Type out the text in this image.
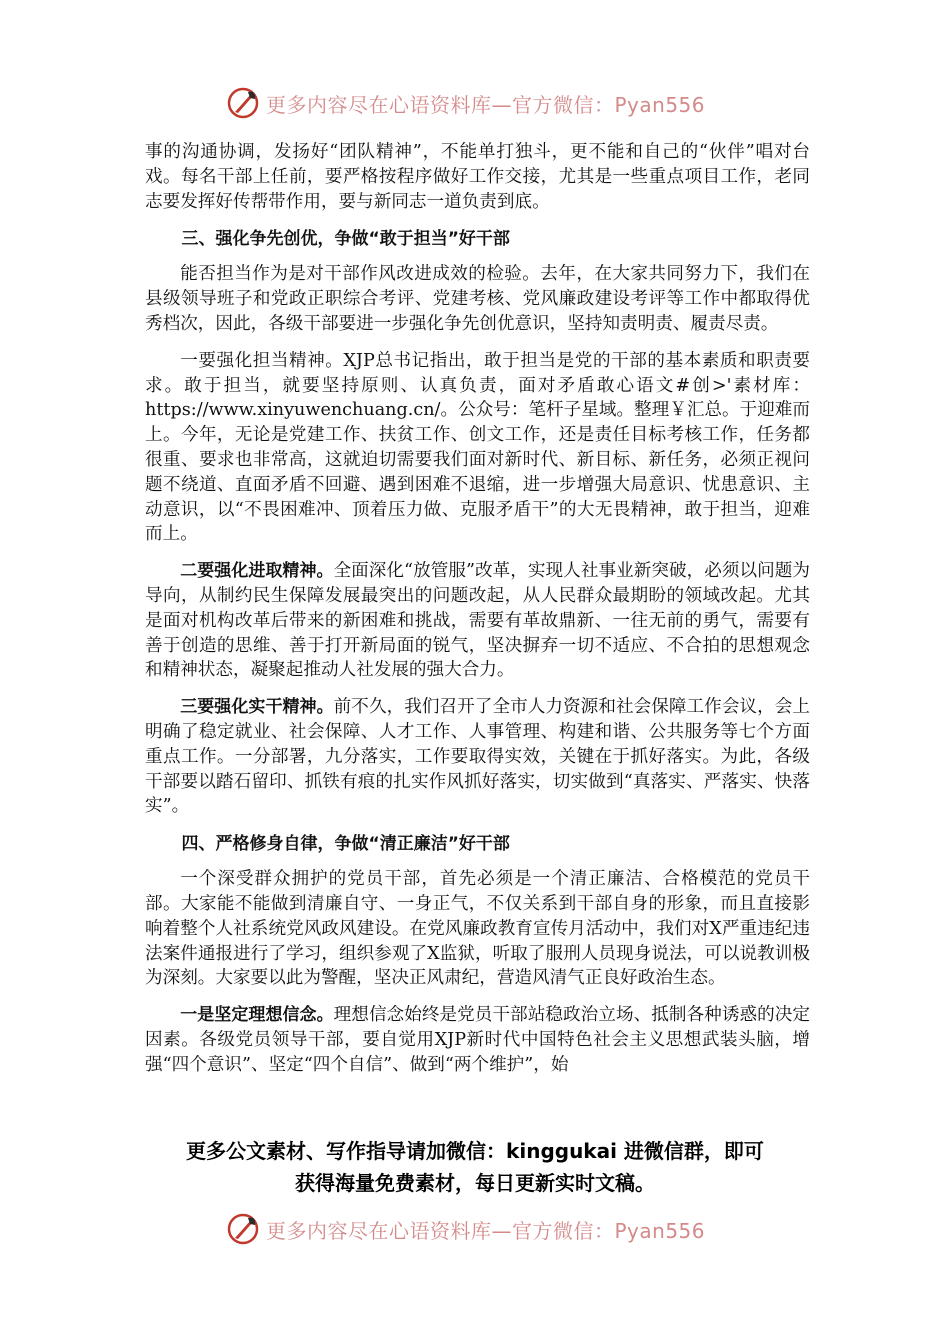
更多内容尽在心语资料库—官方微信：Pyan556

事的沟通协调，发扬好“团队精神”，不能单打独斗，更不能和自己的“伙伴”唱对台戏。每名干部上任前，要严格按程序做好工作交接，尤其是一些重点项目工作，老同志要发挥好传帮带作用，要与新同志一道负责到底。

三、强化争先创优，争做“敢于担当”好干部

能否担当作为是对干部作风改进成效的检验。去年，在大家共同努力下，我们在县级领导班子和党政正职综合考评、党建考核、党风廉政建设考评等工作中都取得优秀档次，因此，各级干部要进一步强化争先创优意识，坚持知责明责、履责尽责。

一要强化担当精神。XJP总书记指出，敢于担当是党的干部的基本素质和职责要求。敢于担当，就要坚持原则、认真负责，面对矛盾敢心语文#创>'素材库：https://www.xinyuwenchuang.cn/。公众号：笔杆子星域。整理￥汇总。于迎难而上。今年，无论是党建工作、扶贫工作、创文工作，还是责任目标考核工作，任务都很重、要求也非常高，这就迫切需要我们面对新时代、新目标、新任务，必须正视问题不绕道、直面矛盾不回避、遇到困难不退缩，进一步增强大局意识、忧患意识、主动意识，以“不畏困难冲、顶着压力做、克服矛盾干”的大无畏精神，敢于担当，迎难而上。

二要强化进取精神。全面深化“放管服”改革，实现人社事业新突破，必须以问题为导向，从制约民生保障发展最突出的问题改起，从人民群众最期盼的领域改起。尤其是面对机构改革后带来的新困难和挑战，需要有革故鼎新、一往无前的勇气，需要有善于创造的思维、善于打开新局面的锐气，坚决摒弃一切不适应、不合拍的思想观念和精神状态，凝聚起推动人社发展的强大合力。

三要强化实干精神。前不久，我们召开了全市人力资源和社会保障工作会议，会上明确了稳定就业、社会保障、人才工作、人事管理、构建和谐、公共服务等七个方面重点工作。一分部署，九分落实，工作要取得实效，关键在于抓好落实。为此，各级干部要以踏石留印、抓铁有痕的扎实作风抓好落实，切实做到“真落实、严落实、快落实”。

四、严格修身自律，争做“清正廉洁”好干部

一个深受群众拥护的党员干部，首先必须是一个清正廉洁、合格模范的党员干部。大家能不能做到清廉自守、一身正气，不仅关系到干部自身的形象，而且直接影响着整个人社系统党风政风建设。在党风廉政教育宣传月活动中，我们对X严重违纪违法案件通报进行了学习，组织参观了X监狱，听取了服刑人员现身说法，可以说教训极为深刻。大家要以此为警醒，坚决正风肃纪，营造风清气正良好政治生态。

一是坚定理想信念。理想信念始终是党员干部站稳政治立场、抵制各种诱惑的决定因素。各级党员领导干部，要自觉用XJP新时代中国特色社会主义思想武装头脑，增强“四个意识”、坚定“四个自信”、做到“两个维护”，始

更多公文素材、写作指导请加微信：kinggukai 进微信群，即可
获得海量免费素材，每日更新实时文稿。
更多内容尽在心语资料库—官方微信：Pyan556
